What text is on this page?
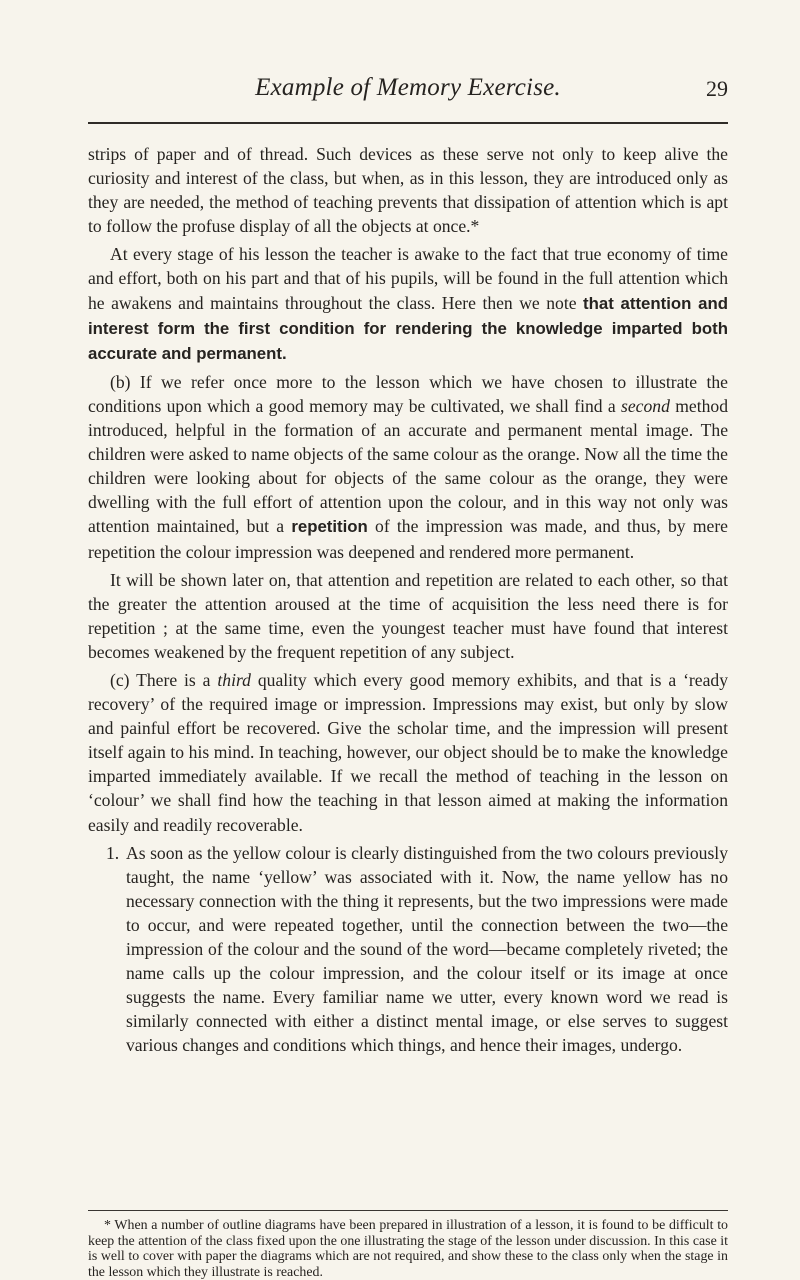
Example of Memory Exercise.	29

strips of paper and of thread. Such devices as these serve not only to keep alive the curiosity and interest of the class, but when, as in this lesson, they are introduced only as they are needed, the method of teaching prevents that dissipation of attention which is apt to follow the profuse display of all the objects at once.*

At every stage of his lesson the teacher is awake to the fact that true economy of time and effort, both on his part and that of his pupils, will be found in the full attention which he awakens and maintains throughout the class. Here then we note that attention and interest form the first condition for rendering the knowledge imparted both accurate and permanent.

(b) If we refer once more to the lesson which we have chosen to illustrate the conditions upon which a good memory may be cultivated, we shall find a second method introduced, helpful in the formation of an accurate and permanent mental image. The children were asked to name objects of the same colour as the orange. Now all the time the children were looking about for objects of the same colour as the orange, they were dwelling with the full effort of attention upon the colour, and in this way not only was attention maintained, but a repetition of the impression was made, and thus, by mere repetition the colour impression was deepened and rendered more permanent.

It will be shown later on, that attention and repetition are related to each other, so that the greater the attention aroused at the time of acquisition the less need there is for repetition ; at the same time, even the youngest teacher must have found that interest becomes weakened by the frequent repetition of any subject.

(c) There is a third quality which every good memory exhibits, and that is a ‘ready recovery’ of the required image or impression. Impressions may exist, but only by slow and painful effort be recovered. Give the scholar time, and the impression will present itself again to his mind. In teaching, however, our object should be to make the knowledge imparted immediately available. If we recall the method of teaching in the lesson on ‘colour’ we shall find how the teaching in that lesson aimed at making the information easily and readily recoverable.

1. As soon as the yellow colour is clearly distinguished from the two colours previously taught, the name ‘yellow’ was associated with it. Now, the name yellow has no necessary connection with the thing it represents, but the two impressions were made to occur, and were repeated together, until the connection between the two—the impression of the colour and the sound of the word—became completely riveted; the name calls up the colour impression, and the colour itself or its image at once suggests the name. Every familiar name we utter, every known word we read is similarly connected with either a distinct mental image, or else serves to suggest various changes and conditions which things, and hence their images, undergo.

* When a number of outline diagrams have been prepared in illustration of a lesson, it is found to be difficult to keep the attention of the class fixed upon the one illustrating the stage of the lesson under discussion. In this case it is well to cover with paper the diagrams which are not required, and show these to the class only when the stage in the lesson which they illustrate is reached.
